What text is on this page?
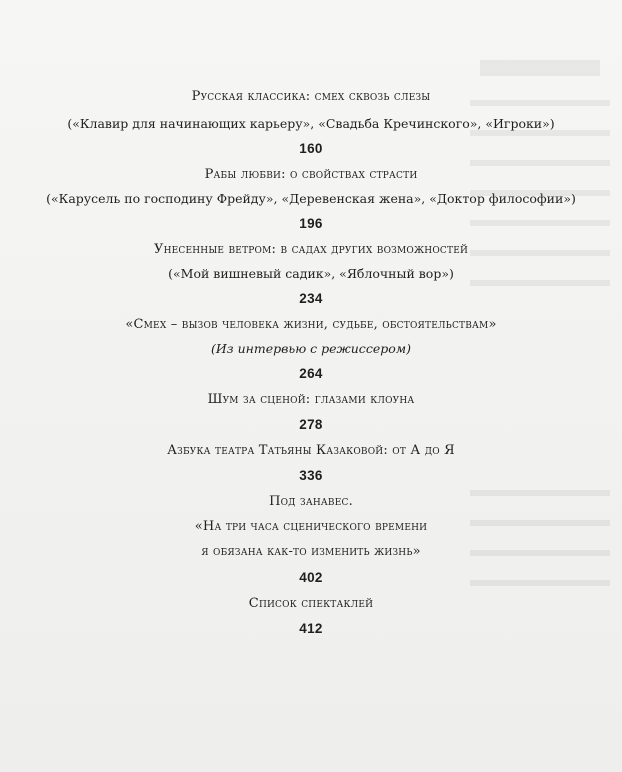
Русская классика: смех сквозь слезы
(«Клавир для начинающих карьеру», «Свадьба Кречинского», «Игроки»)
160
Рабы любви: о свойствах страсти
(«Карусель по господину Фрейду», «Деревенская жена», «Доктор философии»)
196
Унесенные ветром: в садах других возможностей
(«Мой вишневый садик», «Яблочный вор»)
234
«Смех – вызов человека жизни, судьбе, обстоятельствам»
(Из интервью с режиссером)
264
Шум за сценой: глазами клоуна
278
Азбука театра Татьяны Казаковой: от А до Я
336
Под занавес.
«На три часа сценического времени
я обязана как-то изменить жизнь»
402
Список спектаклей
412
